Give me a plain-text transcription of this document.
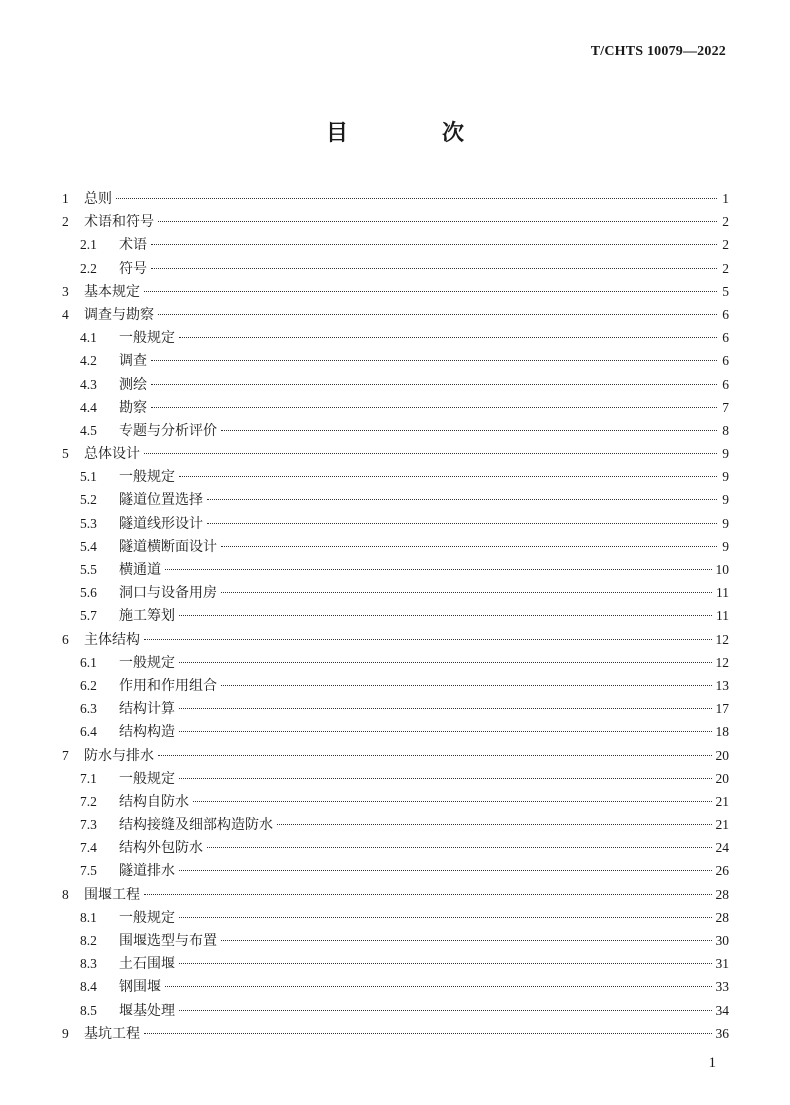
T/CHTS 10079—2022
目　次
1	总则	1
2	术语和符号	2
2.1	术语	2
2.2	符号	2
3	基本规定	5
4	调查与勘察	6
4.1	一般规定	6
4.2	调查	6
4.3	测绘	6
4.4	勘察	7
4.5	专题与分析评价	8
5	总体设计	9
5.1	一般规定	9
5.2	隧道位置选择	9
5.3	隧道线形设计	9
5.4	隧道横断面设计	9
5.5	横通道	10
5.6	洞口与设备用房	11
5.7	施工筹划	11
6	主体结构	12
6.1	一般规定	12
6.2	作用和作用组合	13
6.3	结构计算	17
6.4	结构构造	18
7	防水与排水	20
7.1	一般规定	20
7.2	结构自防水	21
7.3	结构接缝及细部构造防水	21
7.4	结构外包防水	24
7.5	隧道排水	26
8	围堰工程	28
8.1	一般规定	28
8.2	围堰选型与布置	30
8.3	土石围堰	31
8.4	钢围堰	33
8.5	堰基处理	34
9	基坑工程	36
1
